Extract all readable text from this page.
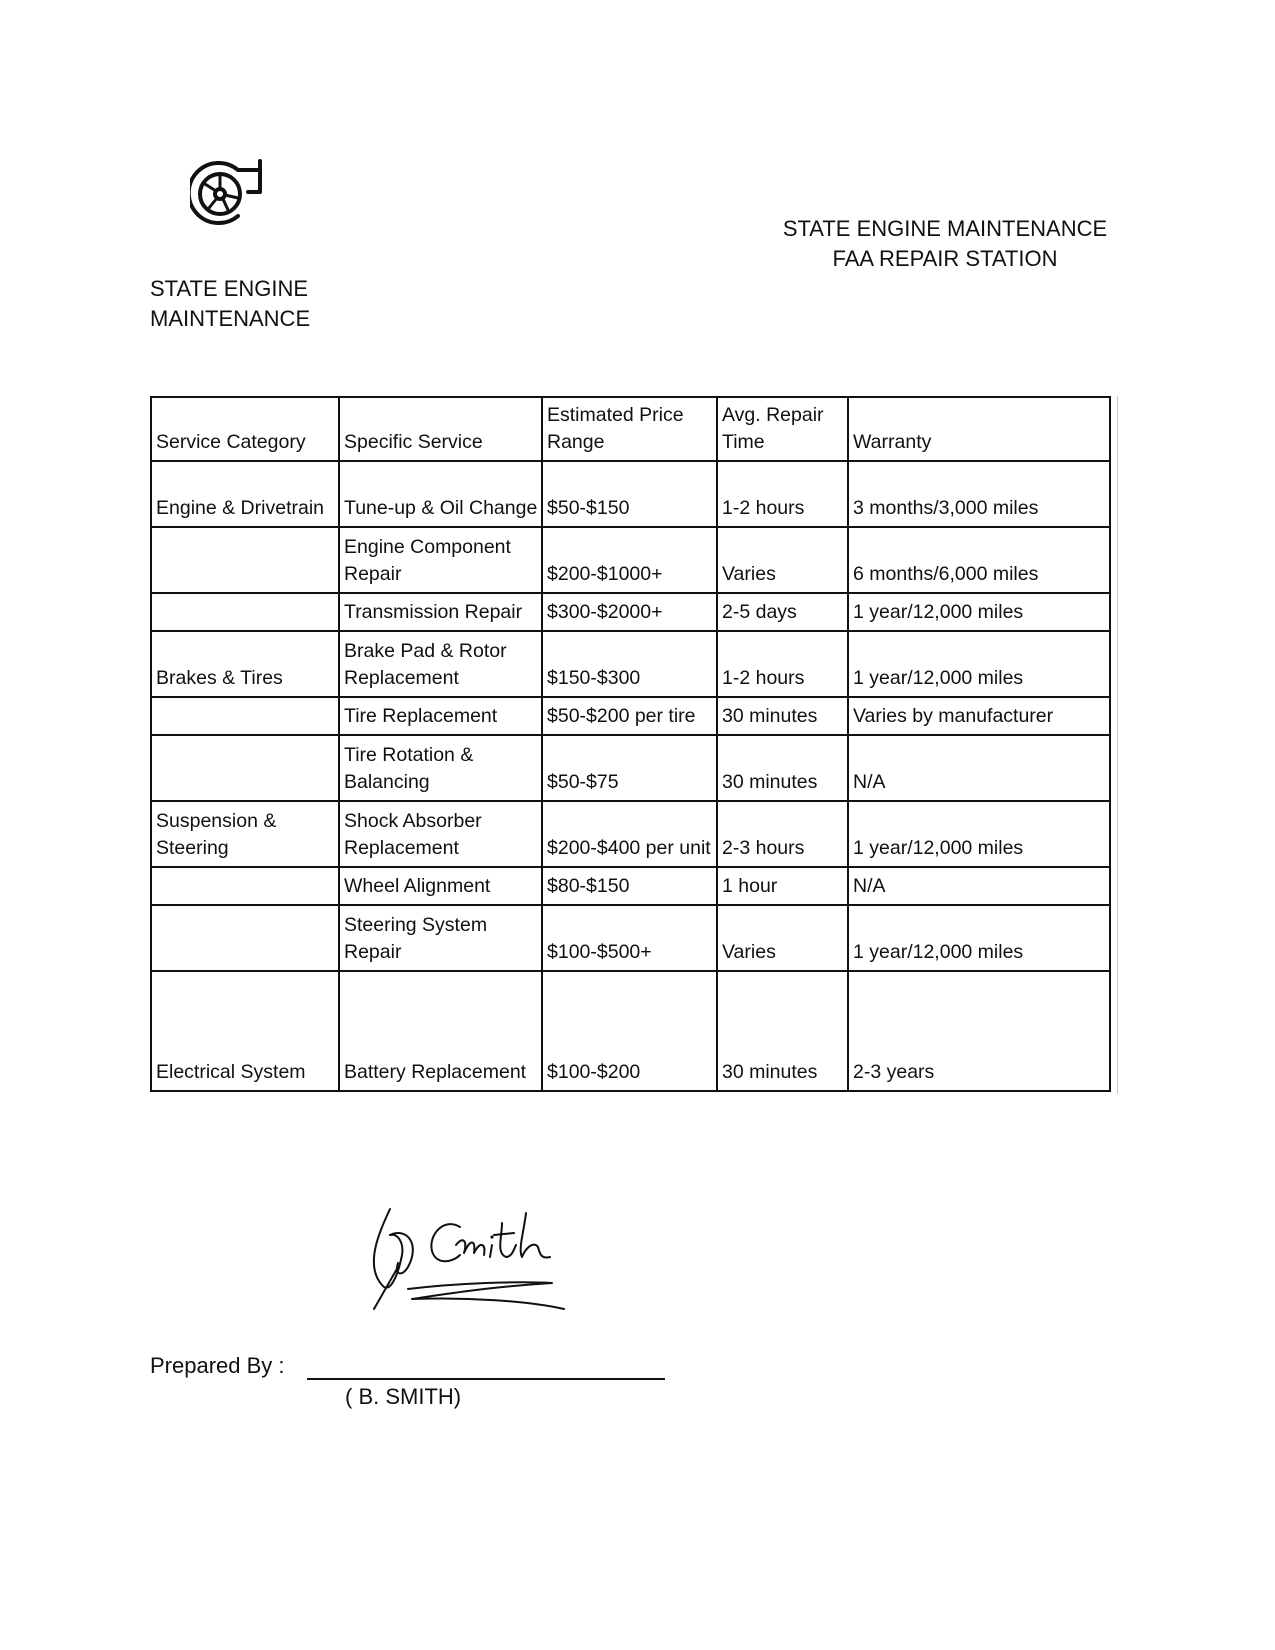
STATE ENGINE
MAINTENANCE
STATE ENGINE MAINTENANCE
FAA REPAIR STATION
Service Category	Specific Service	Estimated Price Range	Avg. Repair Time	Warranty
Engine & Drivetrain	Tune-up & Oil Change	$50-$150	1-2 hours	3 months/3,000 miles
	Engine Component Repair	$200-$1000+	Varies	6 months/6,000 miles
	Transmission Repair	$300-$2000+	2-5 days	1 year/12,000 miles
Brakes & Tires	Brake Pad & Rotor Replacement	$150-$300	1-2 hours	1 year/12,000 miles
	Tire Replacement	$50-$200 per tire	30 minutes	Varies by manufacturer
	Tire Rotation & Balancing	$50-$75	30 minutes	N/A
Suspension & Steering	Shock Absorber Replacement	$200-$400 per unit	2-3 hours	1 year/12,000 miles
	Wheel Alignment	$80-$150	1 hour	N/A
	Steering System Repair	$100-$500+	Varies	1 year/12,000 miles
Electrical System	Battery Replacement	$100-$200	30 minutes	2-3 years
Prepared By :
( B. SMITH)
